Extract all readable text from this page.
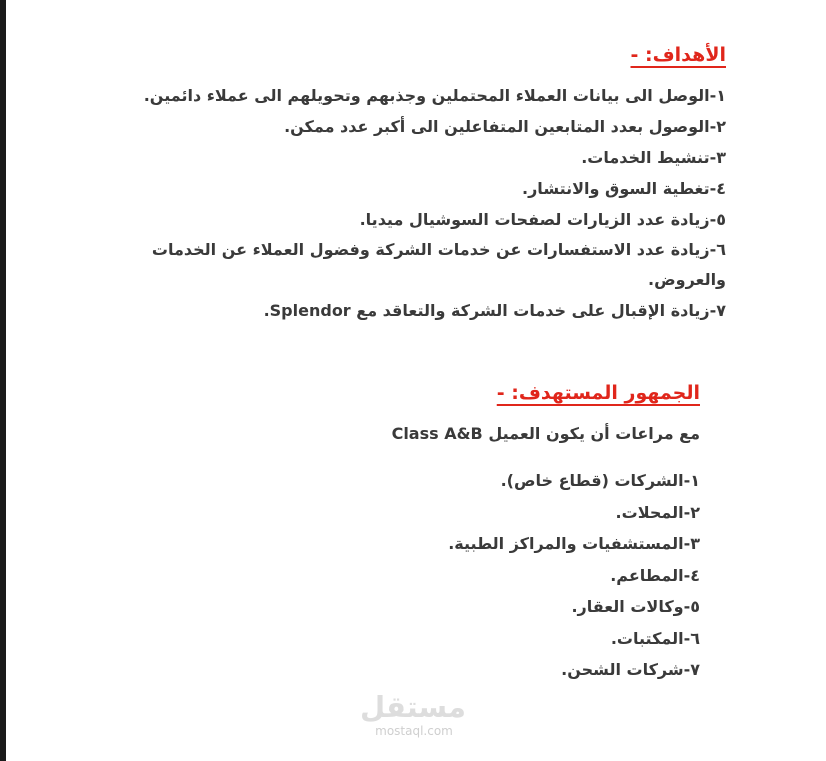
الأهداف: -
١-الوصل الى بيانات العملاء المحتملين وجذبهم وتحويلهم الى عملاء دائمين.
٢-الوصول بعدد المتابعين المتفاعلين الى أكبر عدد ممكن.
٣-تنشيط الخدمات.
٤-تغطية السوق والانتشار.
٥-زيادة عدد الزيارات لصفحات السوشيال ميديا.
٦-زيادة عدد الاستفسارات عن خدمات الشركة وفضول العملاء عن الخدمات والعروض.
٧-زيادة الإقبال على خدمات الشركة والتعاقد مع Splendor.
الجمهور المستهدف: -
مع مراعات أن يكون العميل Class A&B
١-الشركات (قطاع خاص).
٢-المحلات.
٣-المستشفيات والمراكز الطبية.
٤-المطاعم.
٥-وكالات العقار.
٦-المكتبات.
٧-شركات الشحن.
مستقل
mostaql.com
